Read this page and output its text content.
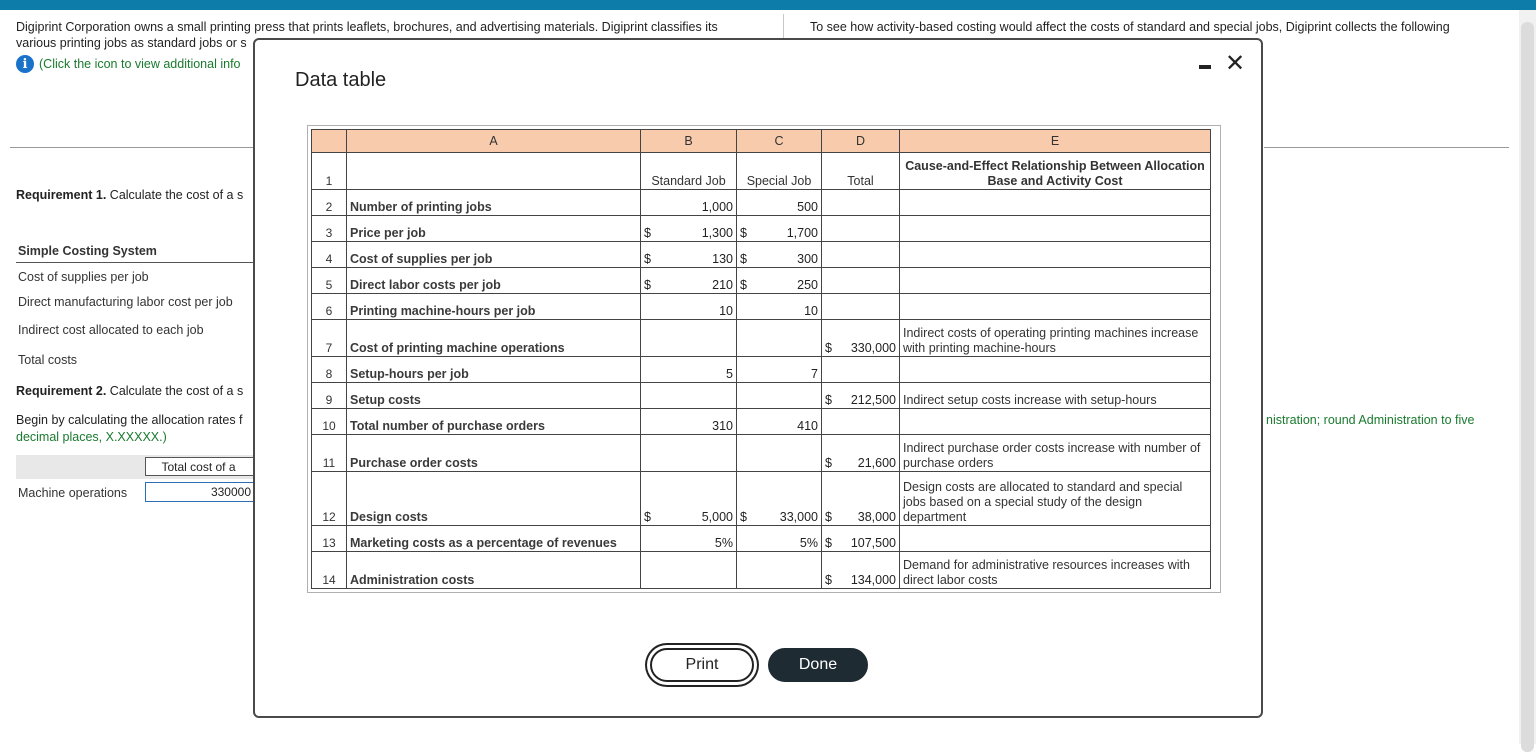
Digiprint Corporation owns a small printing press that prints leaflets, brochures, and advertising materials. Digiprint classifies its various printing jobs as standard jobs or s
To see how activity-based costing would affect the costs of standard and special jobs, Digiprint collects the following
i (Click the icon to view additional info
Requirement 1. Calculate the cost of a s
Simple Costing System
Cost of supplies per job
Direct manufacturing labor cost per job
Indirect cost allocated to each job
Total costs
Requirement 2. Calculate the cost of a s
Begin by calculating the allocation rates f
decimal places, X.XXXXX.)
nistration; round Administration to five
Total cost of a
Machine operations	330000
Data table
✕
	A	B		C		D		E
1		Standard Job		Special Job		Total		Cause-and-Effect Relationship Between Allocation Base and Activity Cost
2	Number of printing jobs		1,000		500			
3	Price per job	$	1,300	$	1,700			
4	Cost of supplies per job	$	130	$	300			
5	Direct labor costs per job	$	210	$	250			
6	Printing machine-hours per job		10		10			
7	Cost of printing machine operations					$	330,000	Indirect costs of operating printing machines increase with printing machine-hours
8	Setup-hours per job		5		7			
9	Setup costs					$	212,500	Indirect setup costs increase with setup-hours
10	Total number of purchase orders		310		410			
11	Purchase order costs					$	21,600	Indirect purchase order costs increase with number of purchase orders
12	Design costs	$	5,000	$	33,000	$	38,000	Design costs are allocated to standard and special jobs based on a special study of the design department
13	Marketing costs as a percentage of revenues		5%		5%	$	107,500	
14	Administration costs					$	134,000	Demand for administrative resources increases with direct labor costs
Print	Done
